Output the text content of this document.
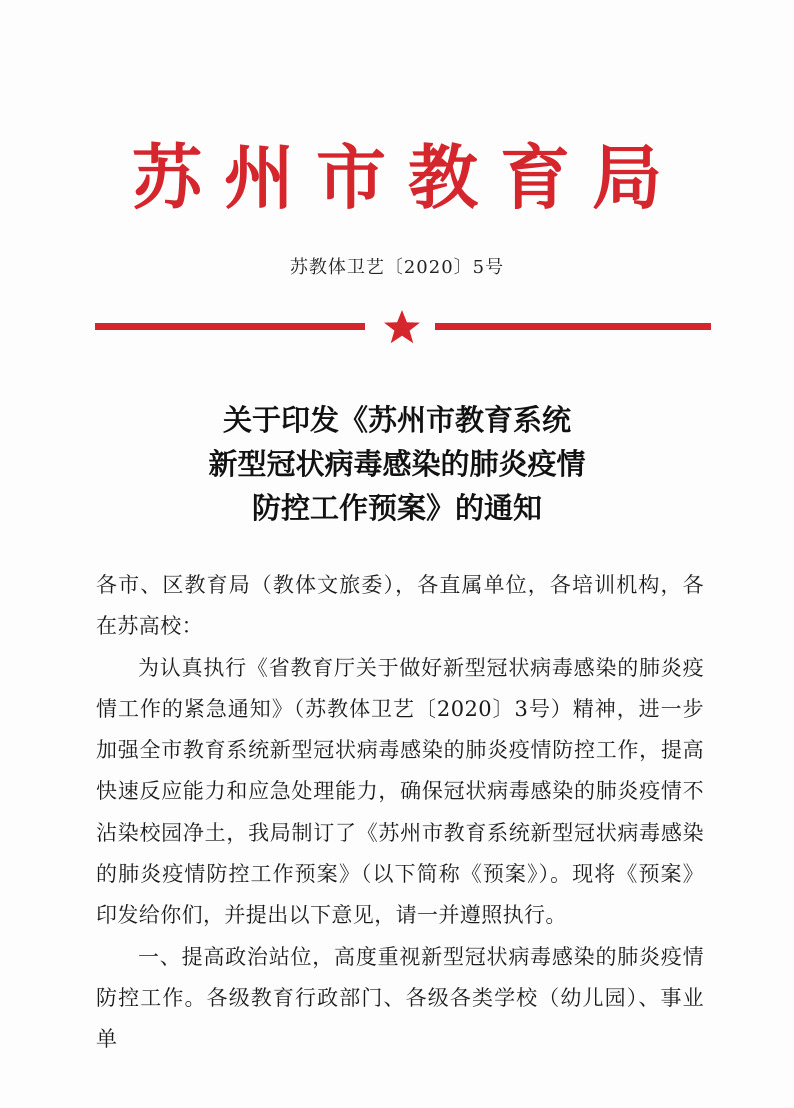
苏州市教育局
苏教体卫艺〔2020〕5号
关于印发《苏州市教育系统
新型冠状病毒感染的肺炎疫情
防控工作预案》的通知

各市、区教育局（教体文旅委），各直属单位，各培训机构，各在苏高校：

为认真执行《省教育厅关于做好新型冠状病毒感染的肺炎疫情工作的紧急通知》（苏教体卫艺〔2020〕3号）精神，进一步加强全市教育系统新型冠状病毒感染的肺炎疫情防控工作，提高快速反应能力和应急处理能力，确保冠状病毒感染的肺炎疫情不沾染校园净土，我局制订了《苏州市教育系统新型冠状病毒感染的肺炎疫情防控工作预案》（以下简称《预案》）。现将《预案》印发给你们，并提出以下意见，请一并遵照执行。

一、提高政治站位，高度重视新型冠状病毒感染的肺炎疫情防控工作。各级教育行政部门、各级各类学校（幼儿园）、事业单
